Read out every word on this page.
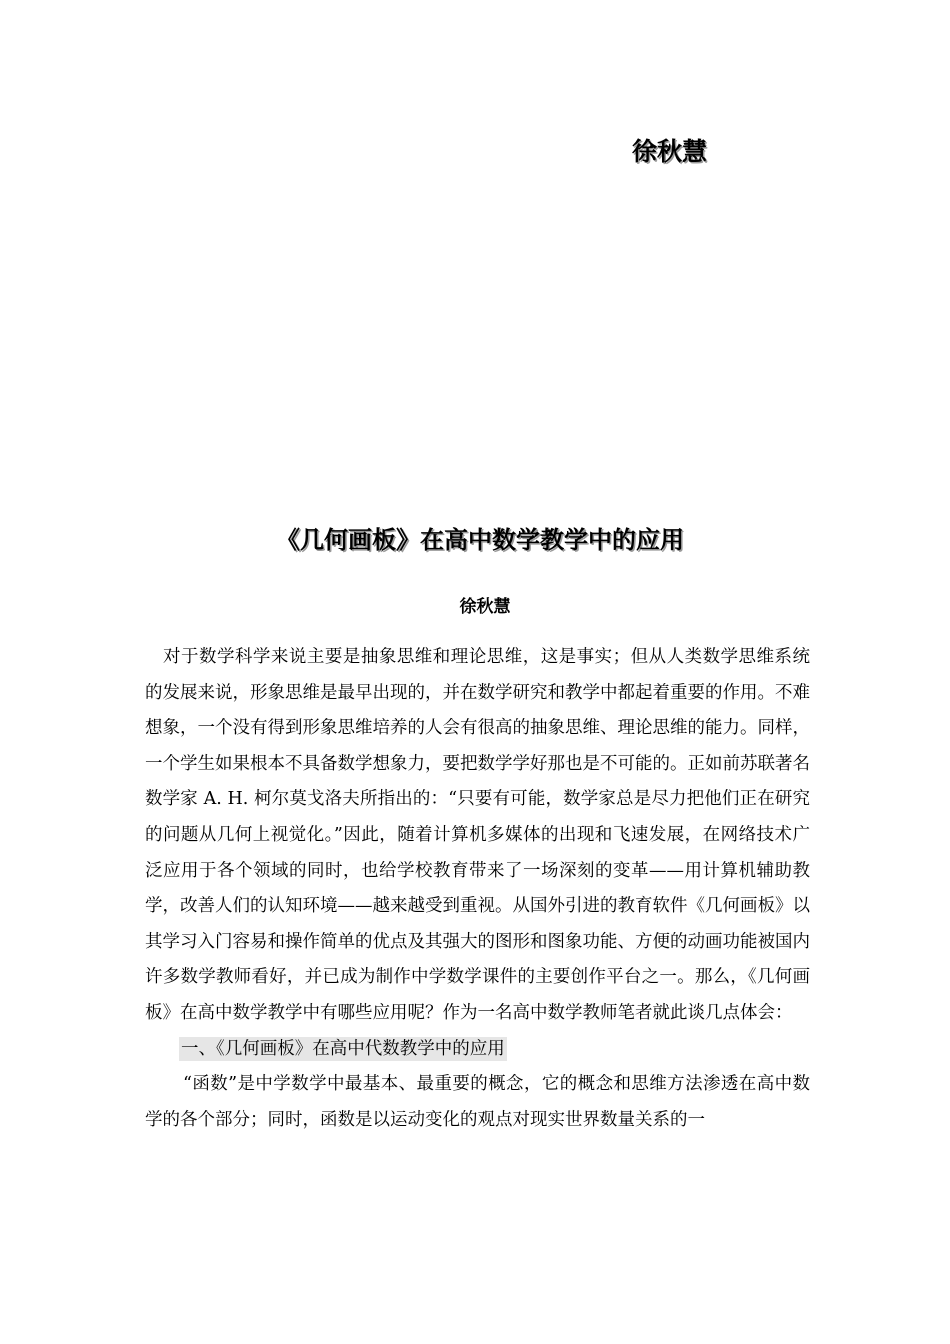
徐秋慧

《几何画板》在高中数学教学中的应用

徐秋慧

对于数学科学来说主要是抽象思维和理论思维，这是事实；但从人类数学思维系统的发展来说，形象思维是最早出现的，并在数学研究和教学中都起着重要的作用。不难想象，一个没有得到形象思维培养的人会有很高的抽象思维、理论思维的能力。同样，一个学生如果根本不具备数学想象力，要把数学学好那也是不可能的。正如前苏联著名数学家 A. H. 柯尔莫戈洛夫所指出的：“只要有可能，数学家总是尽力把他们正在研究的问题从几何上视觉化。”因此，随着计算机多媒体的出现和飞速发展，在网络技术广泛应用于各个领域的同时，也给学校教育带来了一场深刻的变革——用计算机辅助教学，改善人们的认知环境——越来越受到重视。从国外引进的教育软件《几何画板》以其学习入门容易和操作简单的优点及其强大的图形和图象功能、方便的动画功能被国内许多数学教师看好，并已成为制作中学数学课件的主要创作平台之一。那么，《几何画板》在高中数学教学中有哪些应用呢？作为一名高中数学教师笔者就此谈几点体会：

一、《几何画板》在高中代数教学中的应用

“函数”是中学数学中最基本、最重要的概念，它的概念和思维方法渗透在高中数学的各个部分；同时，函数是以运动变化的观点对现实世界数量关系的一
